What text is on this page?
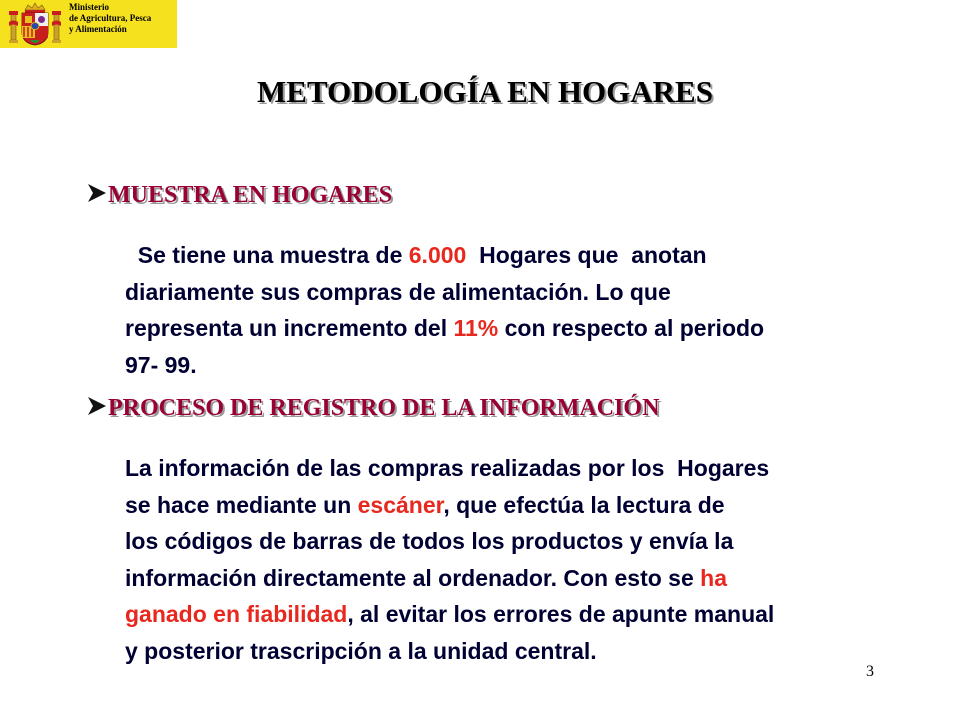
Ministerio
de Agricultura, Pesca
y Alimentación
METODOLOGÍA EN HOGARES
MUESTRA EN HOGARES
Se tiene una muestra de 6.000  Hogares que  anotan
diariamente sus compras de alimentación. Lo que
representa un incremento del 11% con respecto al periodo
97- 99.
PROCESO DE REGISTRO DE LA INFORMACIÓN
La información de las compras realizadas por los  Hogares
se hace mediante un escáner, que efectúa la lectura de
los códigos de barras de todos los productos y envía la
información directamente al ordenador. Con esto se ha
ganado en fiabilidad, al evitar los errores de apunte manual
y posterior trascripción a la unidad central.
3
